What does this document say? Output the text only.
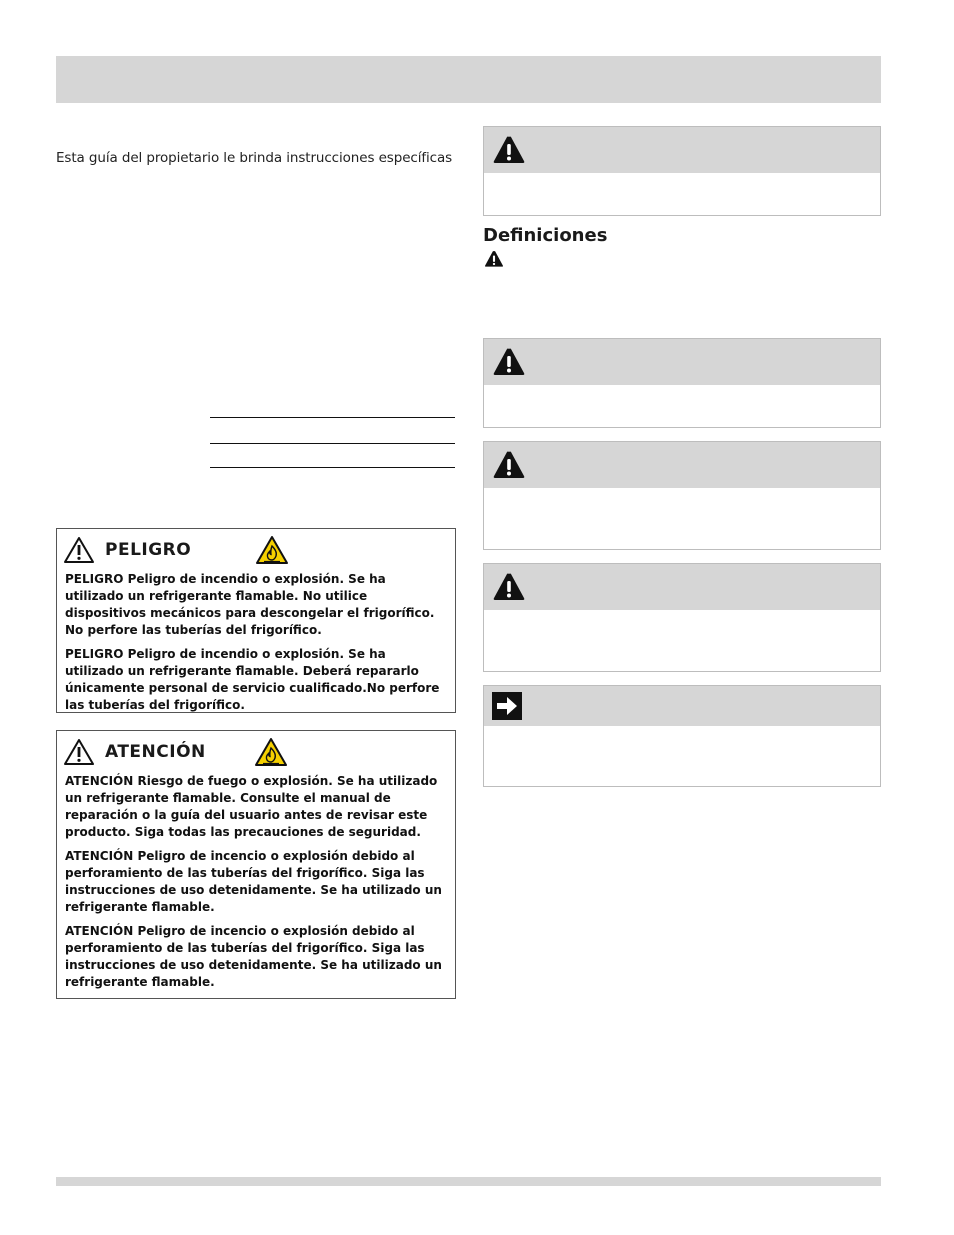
Esta guía del propietario le brinda instrucciones específicas
PELIGRO

PELIGRO Peligro de incendio o explosión. Se ha utilizado un refrigerante flamable. No utilice dispositivos mecánicos para descongelar el frigorífico. No perfore las tuberías del frigorífico.

PELIGRO Peligro de incendio o explosión. Se ha utilizado un refrigerante flamable. Deberá repararlo únicamente personal de servicio cualificado.No perfore las tuberías del frigorífico.

ATENCIÓN

ATENCIÓN Riesgo de fuego o explosión. Se ha utilizado un refrigerante flamable. Consulte el manual de reparación o la guía del usuario antes de revisar este producto. Siga todas las precauciones de seguridad.

ATENCIÓN Peligro de incencio o explosión debido al perforamiento de las tuberías del frigorífico. Siga las instrucciones de uso detenidamente. Se ha utilizado un refrigerante flamable.

ATENCIÓN Peligro de incencio o explosión debido al perforamiento de las tuberías del frigorífico. Siga las instrucciones de uso detenidamente. Se ha utilizado un refrigerante flamable.

Definiciones
